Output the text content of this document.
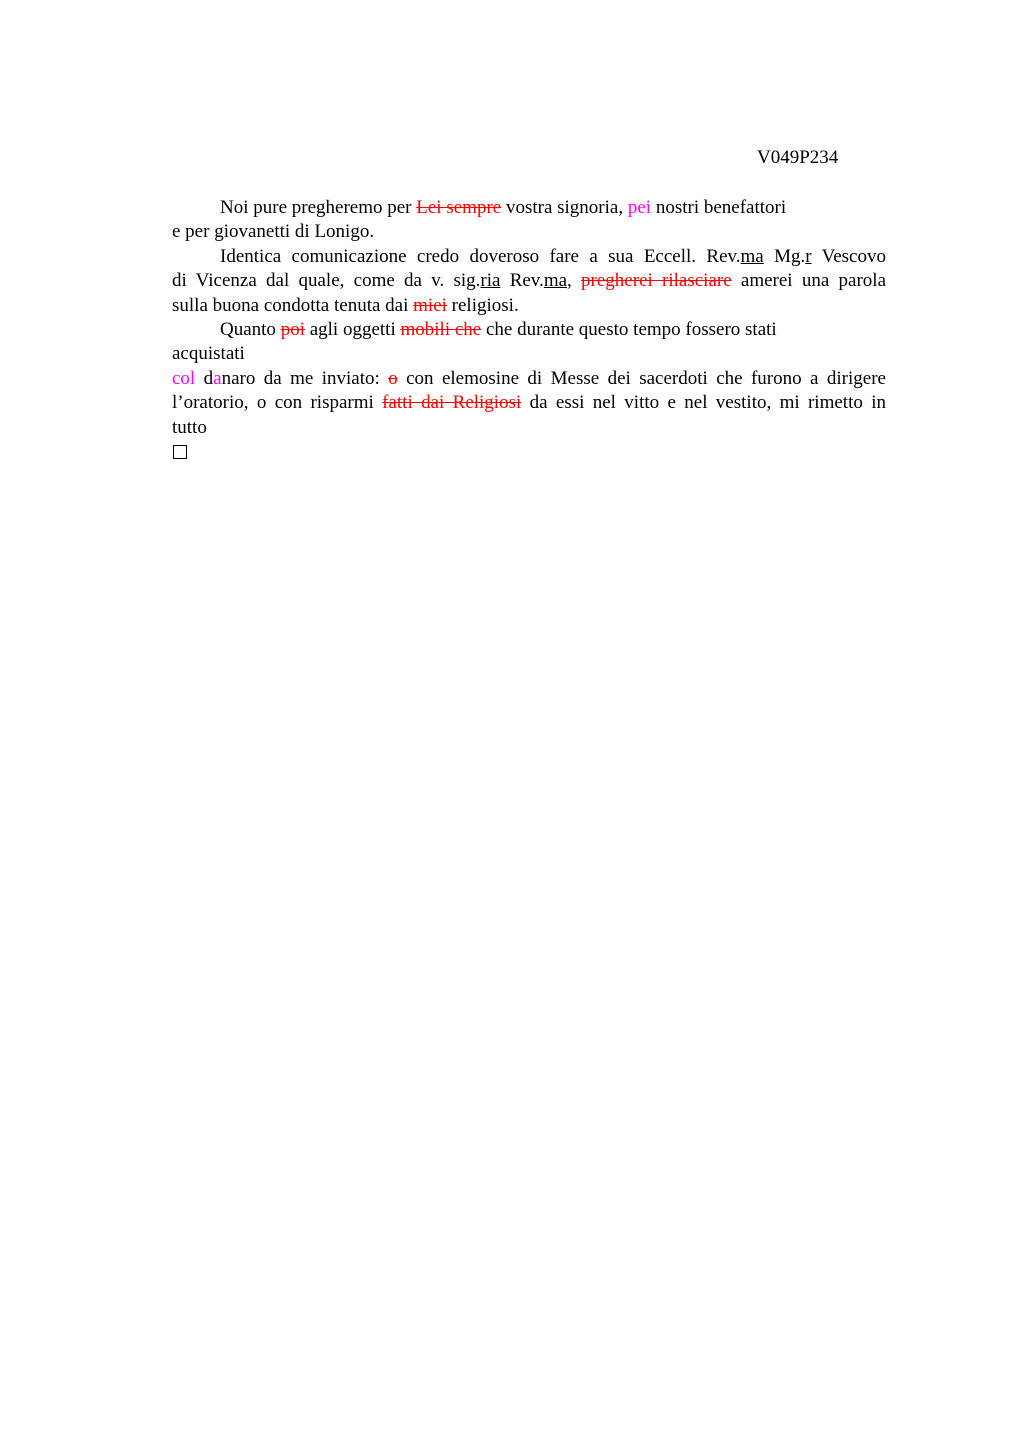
V049P234
Noi pure pregheremo per Lei sempre vostra signoria, pei nostri benefattori
e per giovanetti di Lonigo.
Identica comunicazione credo doveroso fare a sua Eccell. Rev.ma Mg.r Vescovo
di Vicenza dal quale, come da v. sig.ria Rev.ma, pregherei rilasciare amerei una parola
sulla buona condotta tenuta dai miei religiosi.
Quanto poi agli oggetti mobili che che durante questo tempo fossero stati
acquistati
col danaro da me inviato: o con elemosine di Messe dei sacerdoti che furono a dirigere
l’oratorio, o con risparmi fatti dai Religiosi da essi nel vitto e nel vestito, mi rimetto in
tutto
